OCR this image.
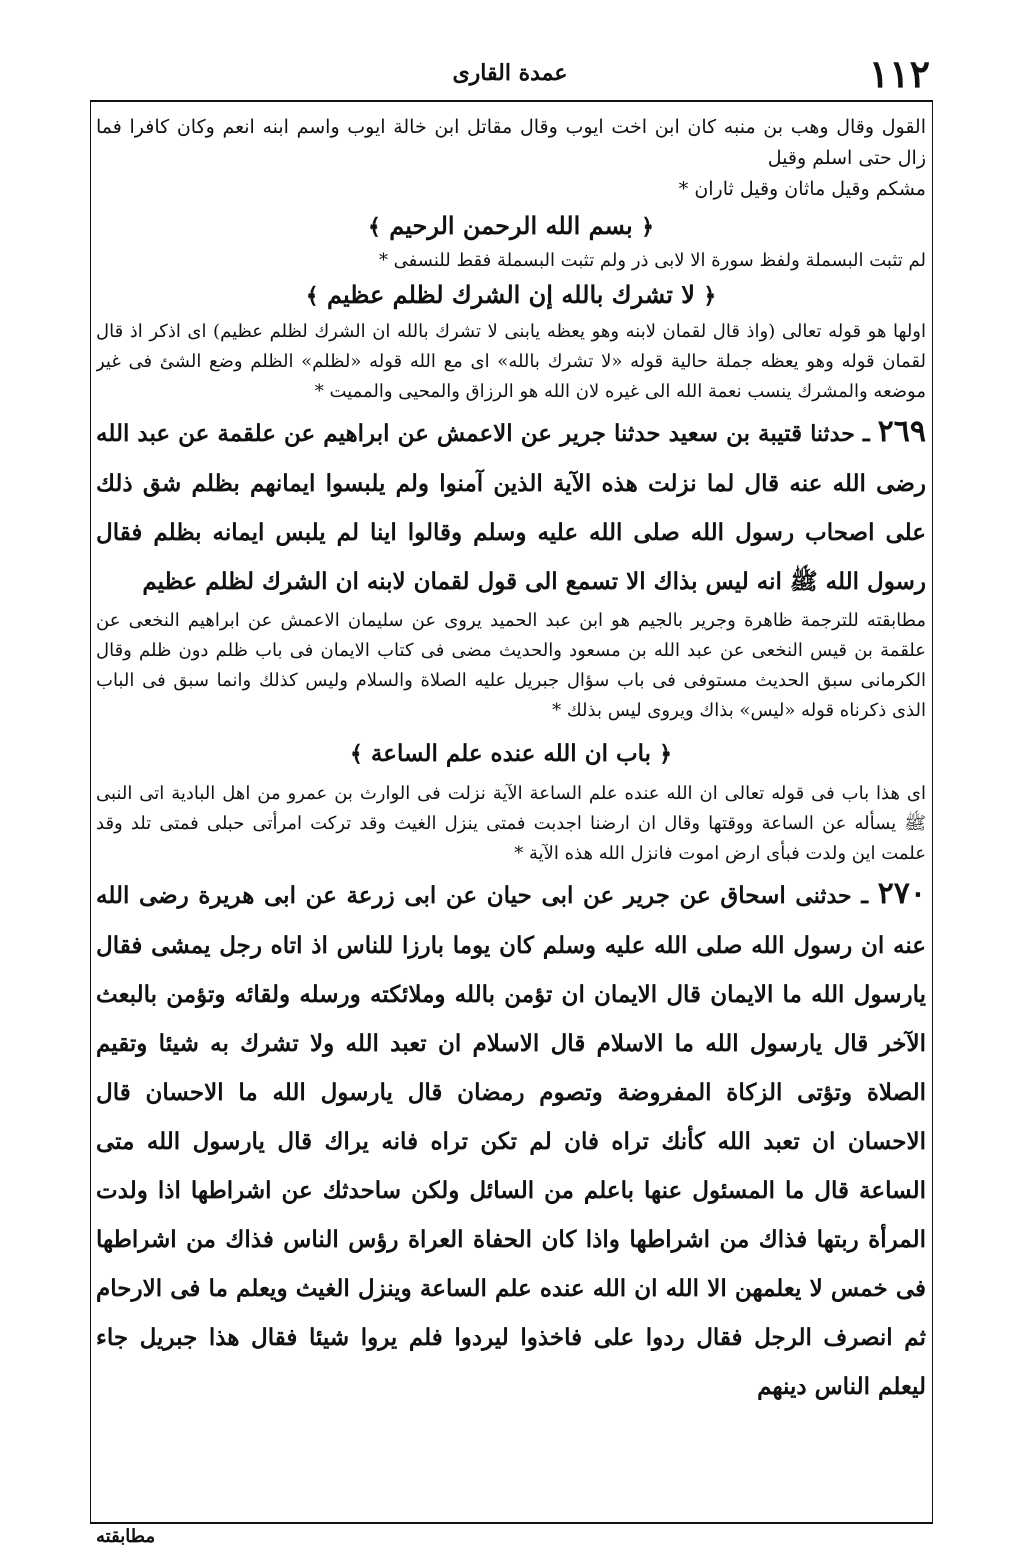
١١٢
عمدة القارى

القول وقال وهب بن منبه كان ابن اخت ايوب وقال مقاتل ابن خالة ايوب واسم ابنه انعم وكان كافرا فما زال حتى اسلم وقيل

مشكم وقيل ماثان وقيل ثاران *

﴿ بسم الله الرحمن الرحيم ﴾

لم تثبت البسملة ولفظ سورة الا لابى ذر ولم تثبت البسملة فقط للنسفى *

﴿ لا تشرك بالله إن الشرك لظلم عظيم ﴾

اولها هو قوله تعالى (واذ قال لقمان لابنه وهو يعظه يابنى لا تشرك بالله ان الشرك لظلم عظيم) اى اذكر اذ قال لقمان قوله وهو يعظه جملة حالية قوله «لا تشرك بالله» اى مع الله قوله «لظلم» الظلم وضع الشئ فى غير موضعه والمشرك ينسب نعمة الله الى غيره لان الله هو الرزاق والمحيى والمميت *

٢٦٩ ـ حدثنا قتيبة بن سعيد حدثنا جرير عن الاعمش عن ابراهيم عن علقمة عن عبد الله رضى الله عنه قال لما نزلت هذه الآية الذين آمنوا ولم يلبسوا ايمانهم بظلم شق ذلك على اصحاب رسول الله صلى الله عليه وسلم وقالوا اينا لم يلبس ايمانه بظلم فقال رسول الله ﷺ انه ليس بذاك الا تسمع الى قول لقمان لابنه ان الشرك لظلم عظيم

مطابقته للترجمة ظاهرة وجرير بالجيم هو ابن عبد الحميد يروى عن سليمان الاعمش عن ابراهيم النخعى عن علقمة بن قيس النخعى عن عبد الله بن مسعود والحديث مضى فى كتاب الايمان فى باب ظلم دون ظلم وقال الكرمانى سبق الحديث مستوفى فى باب سؤال جبريل عليه الصلاة والسلام وليس كذلك وانما سبق فى الباب الذى ذكرناه قوله «ليس» بذاك ويروى ليس بذلك *

﴿ باب ان الله عنده علم الساعة ﴾

اى هذا باب فى قوله تعالى ان الله عنده علم الساعة الآية نزلت فى الوارث بن عمرو من اهل البادية اتى النبى ﷺ يسأله عن الساعة ووقتها وقال ان ارضنا اجدبت فمتى ينزل الغيث وقد تركت امرأتى حبلى فمتى تلد وقد علمت اين ولدت فبأى ارض اموت فانزل الله هذه الآية *

٢٧٠ ـ حدثنى اسحاق عن جرير عن ابى حيان عن ابى زرعة عن ابى هريرة رضى الله عنه ان رسول الله صلى الله عليه وسلم كان يوما بارزا للناس اذ اتاه رجل يمشى فقال يارسول الله ما الايمان قال الايمان ان تؤمن بالله وملائكته ورسله ولقائه وتؤمن بالبعث الآخر قال يارسول الله ما الاسلام قال الاسلام ان تعبد الله ولا تشرك به شيئا وتقيم الصلاة وتؤتى الزكاة المفروضة وتصوم رمضان قال يارسول الله ما الاحسان قال الاحسان ان تعبد الله كأنك تراه فان لم تكن تراه فانه يراك قال يارسول الله متى الساعة قال ما المسئول عنها باعلم من السائل ولكن ساحدثك عن اشراطها اذا ولدت المرأة ربتها فذاك من اشراطها واذا كان الحفاة العراة رؤس الناس فذاك من اشراطها فى خمس لا يعلمهن الا الله ان الله عنده علم الساعة وينزل الغيث ويعلم ما فى الارحام ثم انصرف الرجل فقال ردوا على فاخذوا ليردوا فلم يروا شيئا فقال هذا جبريل جاء ليعلم الناس دينهم

مطابقته
